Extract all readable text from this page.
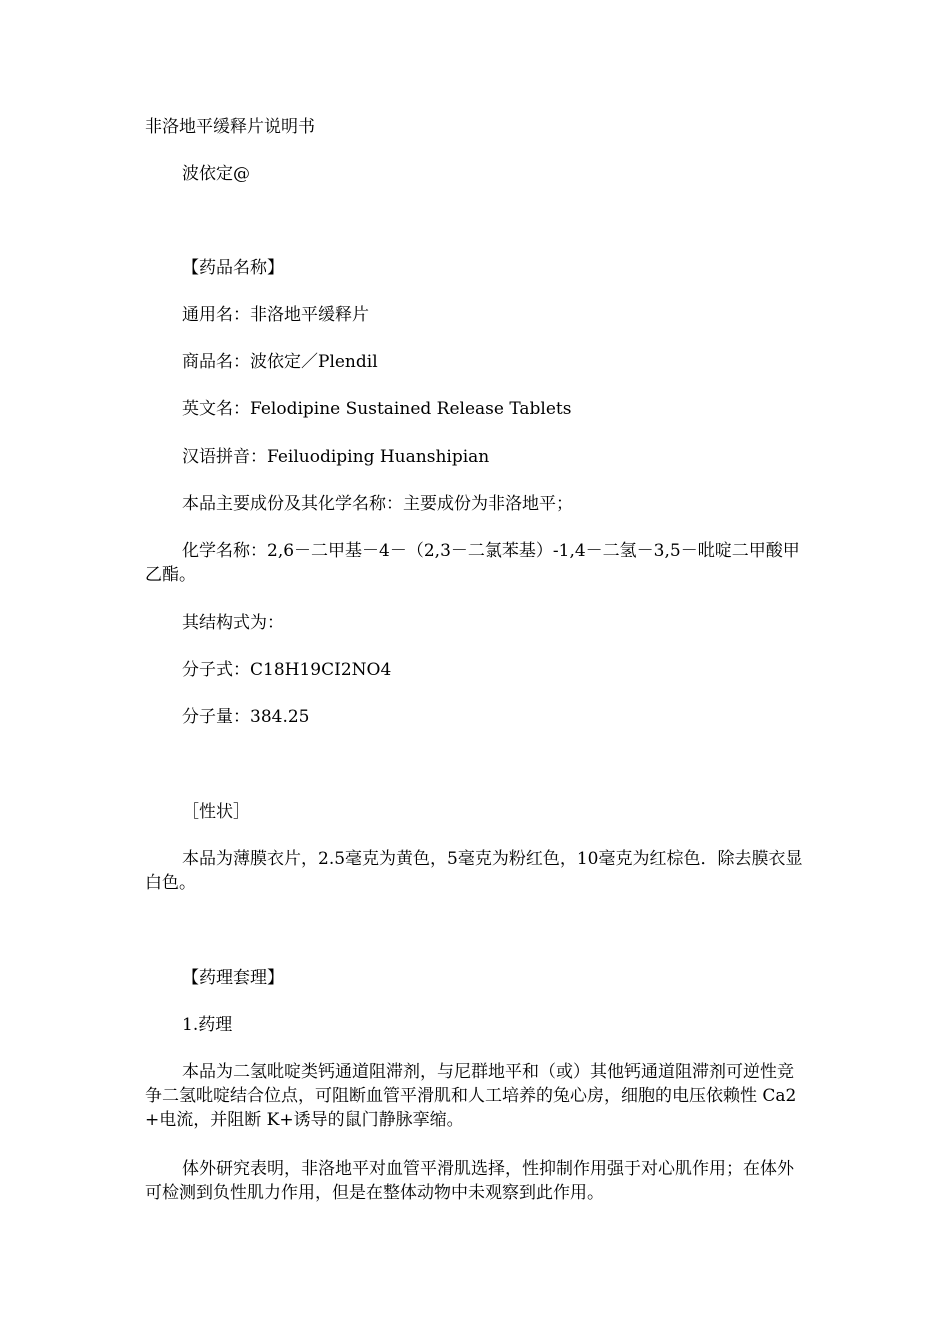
非洛地平缓释片说明书

波依定@

【药品名称】

通用名：非洛地平缓释片

商品名：波依定／Plendil

英文名：Felodipine Sustained Release Tablets

汉语拼音：Feiluodiping Huanshipian

本品主要成份及其化学名称：主要成份为非洛地平；

化学名称：2,6－二甲基－4－（2,3－二氯苯基）-1,4－二氢－3,5－吡啶二甲酸甲乙酯。

其结构式为：

分子式：C18H19CI2NO4

分子量：384.25

［性状］

本品为薄膜衣片，2.5毫克为黄色，5毫克为粉红色，10毫克为红棕色．除去膜衣显白色。

【药理套理】

1.药理

本品为二氢吡啶类钙通道阻滞剂，与尼群地平和（或）其他钙通道阻滞剂可逆性竞争二氢吡啶结合位点，可阻断血管平滑肌和人工培养的兔心房，细胞的电压依赖性 Ca2+电流，并阻断 K+诱导的鼠门静脉挛缩。

体外研究表明，非洛地平对血管平滑肌选择，性抑制作用强于对心肌作用；在体外可检测到负性肌力作用，但是在整体动物中未观察到此作用。
